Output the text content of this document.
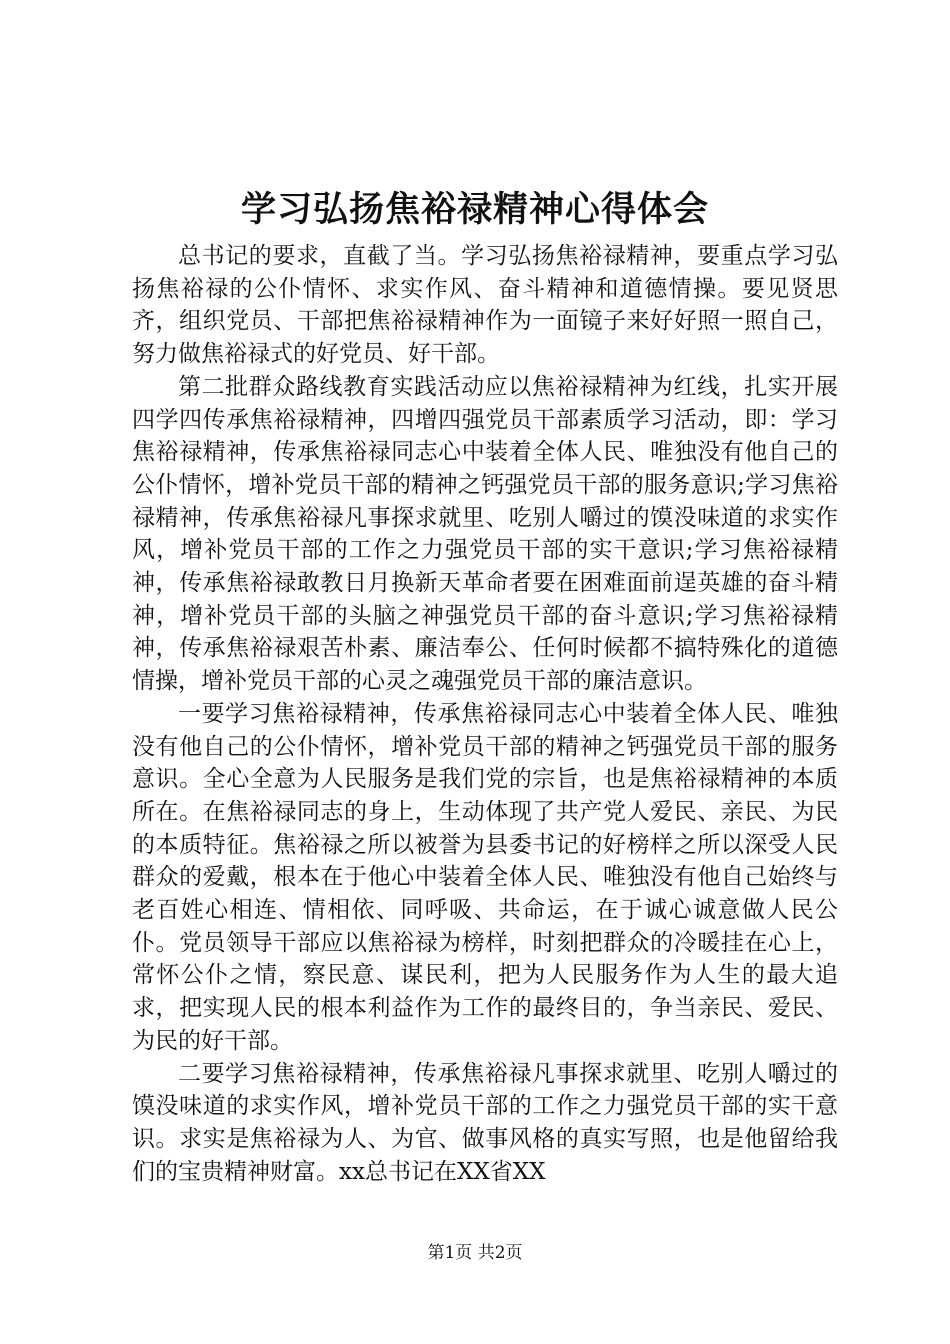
学习弘扬焦裕禄精神心得体会

总书记的要求，直截了当。学习弘扬焦裕禄精神，要重点学习弘扬焦裕禄的公仆情怀、求实作风、奋斗精神和道德情操。要见贤思齐，组织党员、干部把焦裕禄精神作为一面镜子来好好照一照自己，努力做焦裕禄式的好党员、好干部。

第二批群众路线教育实践活动应以焦裕禄精神为红线，扎实开展四学四传承焦裕禄精神，四增四强党员干部素质学习活动，即：学习焦裕禄精神，传承焦裕禄同志心中装着全体人民、唯独没有他自己的公仆情怀，增补党员干部的精神之钙强党员干部的服务意识;学习焦裕禄精神，传承焦裕禄凡事探求就里、吃别人嚼过的馍没味道的求实作风，增补党员干部的工作之力强党员干部的实干意识;学习焦裕禄精神，传承焦裕禄敢教日月换新天革命者要在困难面前逞英雄的奋斗精神，增补党员干部的头脑之神强党员干部的奋斗意识;学习焦裕禄精神，传承焦裕禄艰苦朴素、廉洁奉公、任何时候都不搞特殊化的道德情操，增补党员干部的心灵之魂强党员干部的廉洁意识。

一要学习焦裕禄精神，传承焦裕禄同志心中装着全体人民、唯独没有他自己的公仆情怀，增补党员干部的精神之钙强党员干部的服务意识。全心全意为人民服务是我们党的宗旨，也是焦裕禄精神的本质所在。在焦裕禄同志的身上，生动体现了共产党人爱民、亲民、为民的本质特征。焦裕禄之所以被誉为县委书记的好榜样之所以深受人民群众的爱戴，根本在于他心中装着全体人民、唯独没有他自己始终与老百姓心相连、情相依、同呼吸、共命运，在于诚心诚意做人民公仆。党员领导干部应以焦裕禄为榜样，时刻把群众的冷暖挂在心上，常怀公仆之情，察民意、谋民利，把为人民服务作为人生的最大追求，把实现人民的根本利益作为工作的最终目的，争当亲民、爱民、为民的好干部。

二要学习焦裕禄精神，传承焦裕禄凡事探求就里、吃别人嚼过的馍没味道的求实作风，增补党员干部的工作之力强党员干部的实干意识。求实是焦裕禄为人、为官、做事风格的真实写照，也是他留给我们的宝贵精神财富。xx总书记在XX省XX

第1页 共2页
